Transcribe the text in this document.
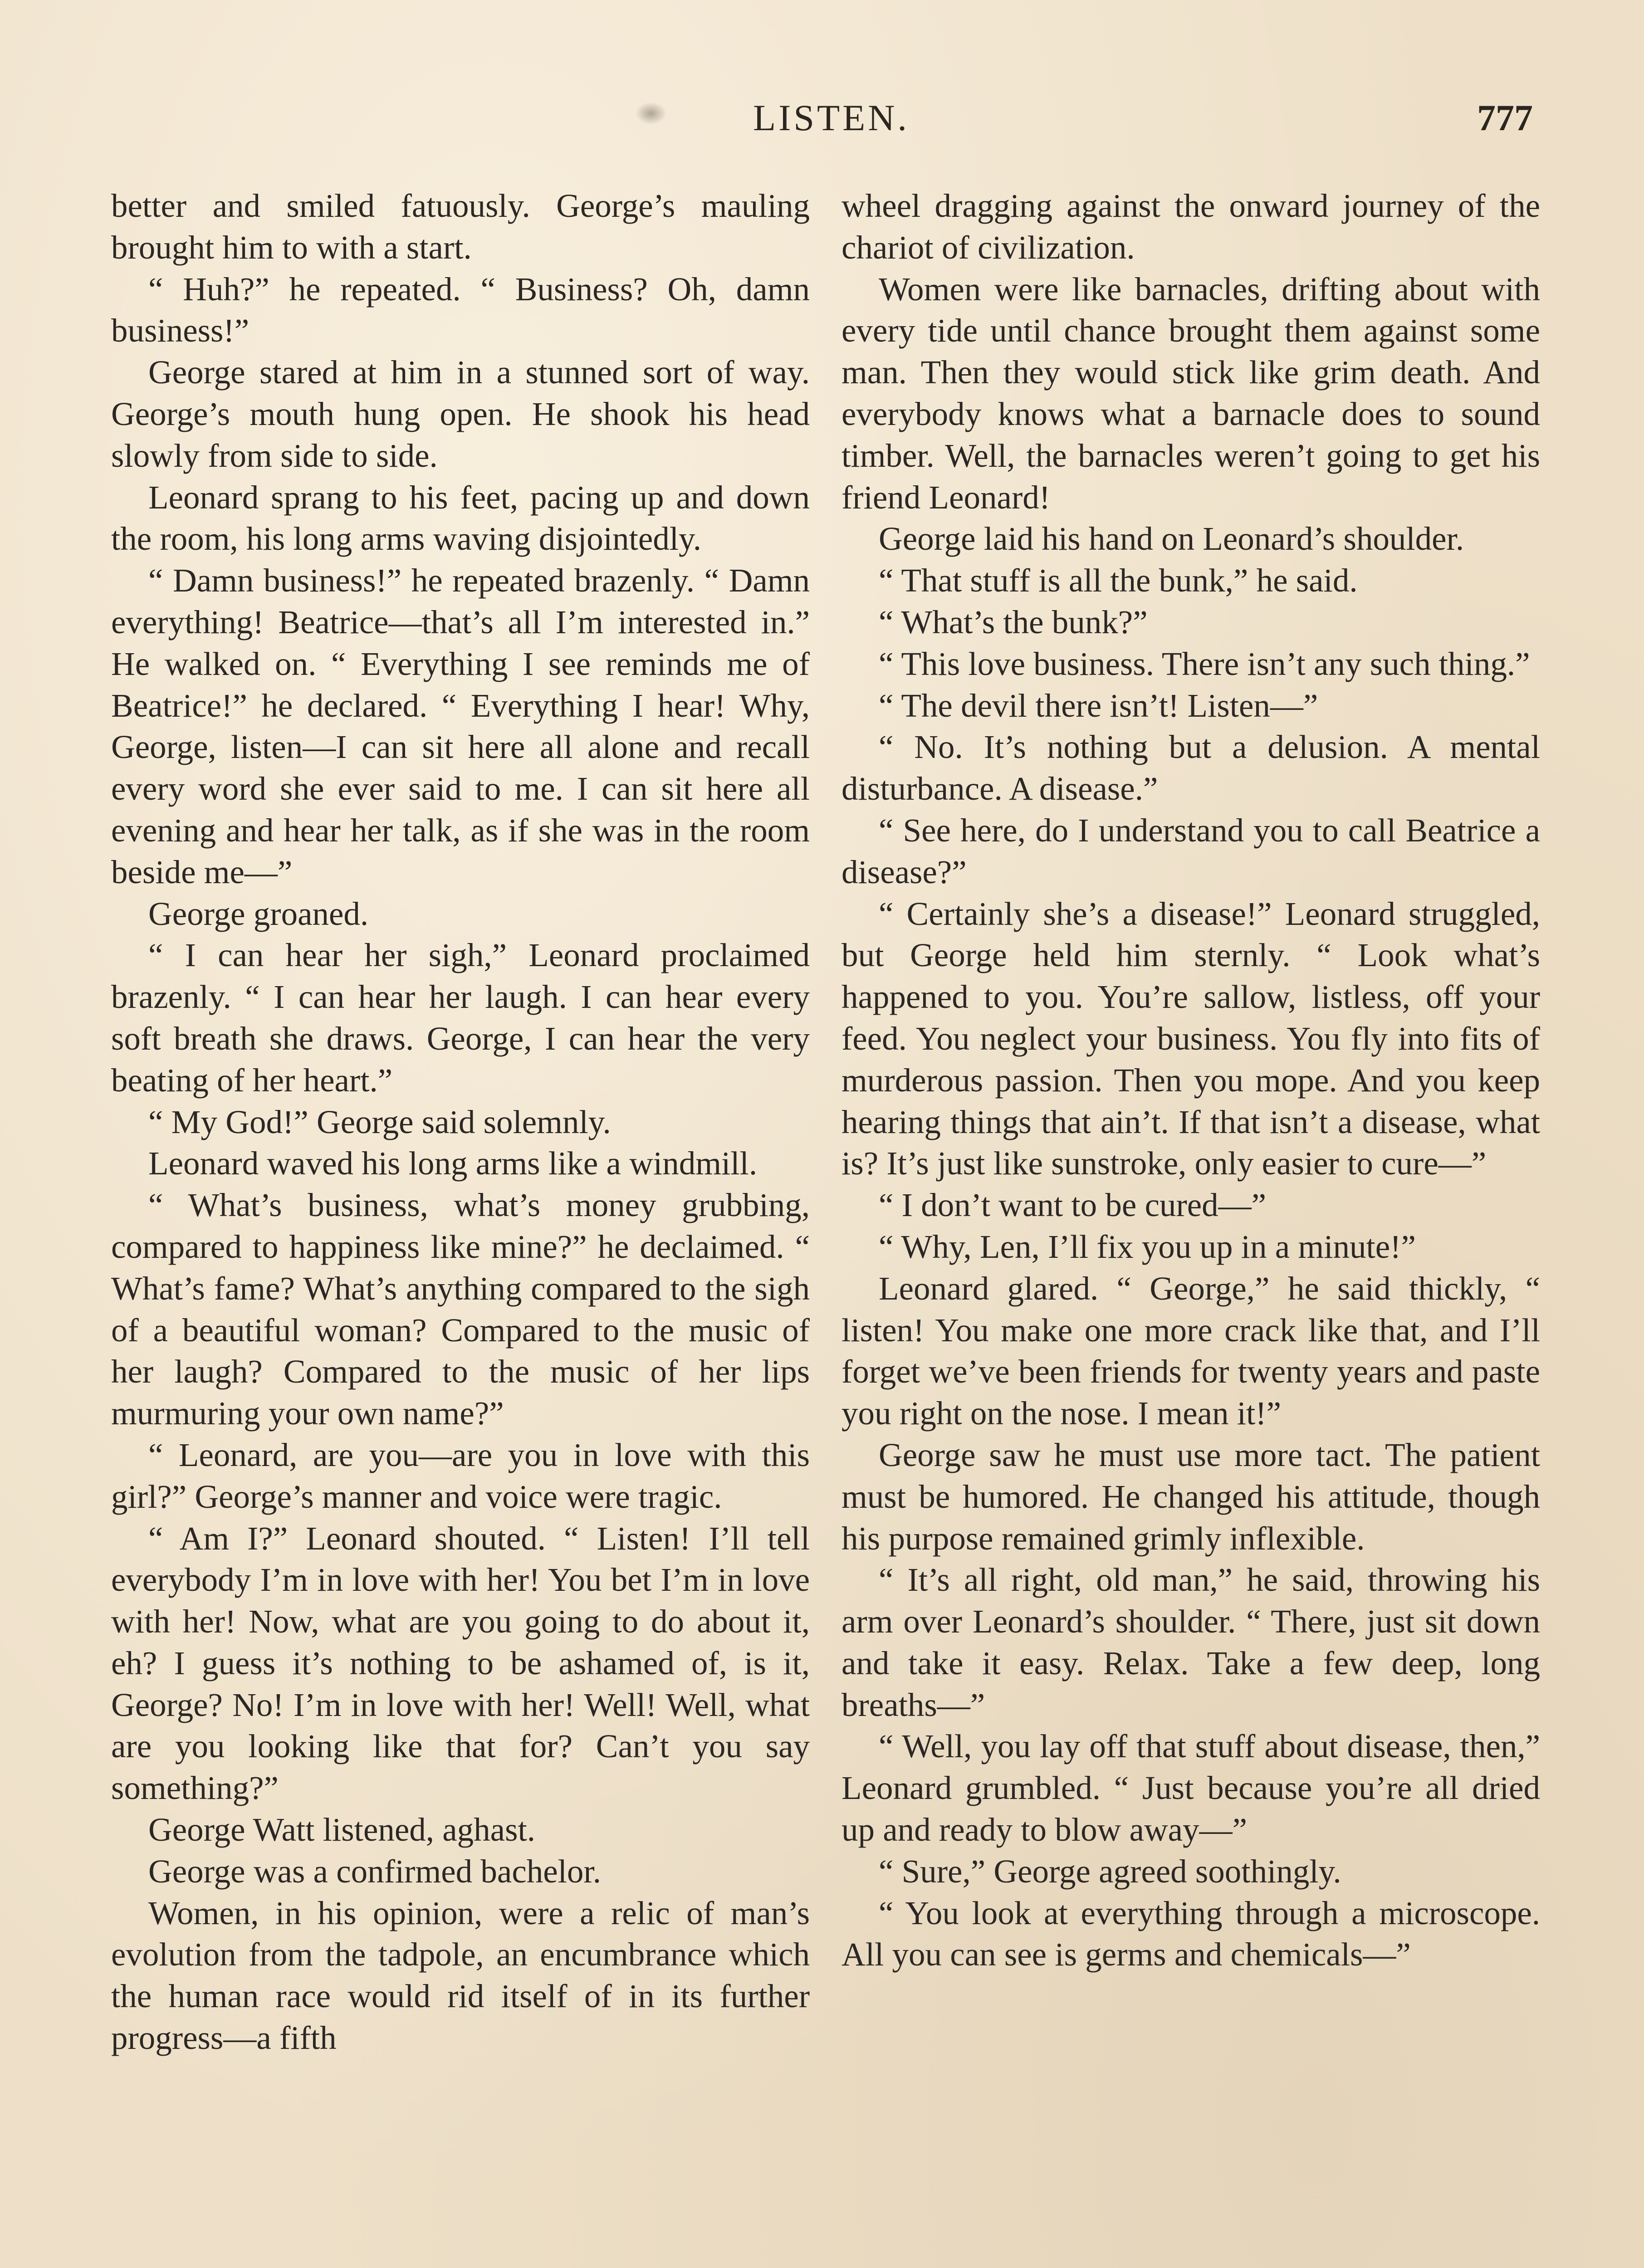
LISTEN.	777

better and smiled fatuously. George’s mauling brought him to with a start.

“ Huh?” he repeated. “ Business? Oh, damn business!”

George stared at him in a stunned sort of way. George’s mouth hung open. He shook his head slowly from side to side.

Leonard sprang to his feet, pacing up and down the room, his long arms waving disjointedly.

“ Damn business!” he repeated brazenly. “ Damn everything! Beatrice—that’s all I’m interested in.” He walked on. “ Everything I see reminds me of Beatrice!” he declared. “ Everything I hear! Why, George, listen—I can sit here all alone and recall every word she ever said to me. I can sit here all evening and hear her talk, as if she was in the room beside me—”

George groaned.

“ I can hear her sigh,” Leonard proclaimed brazenly. “ I can hear her laugh. I can hear every soft breath she draws. George, I can hear the very beating of her heart.”

“ My God!” George said solemnly.

Leonard waved his long arms like a windmill.

“ What’s business, what’s money grubbing, compared to happiness like mine?” he declaimed. “ What’s fame? What’s anything compared to the sigh of a beautiful woman? Compared to the music of her laugh? Compared to the music of her lips murmuring your own name?”

“ Leonard, are you—are you in love with this girl?” George’s manner and voice were tragic.

“ Am I?” Leonard shouted. “ Listen! I’ll tell everybody I’m in love with her! You bet I’m in love with her! Now, what are you going to do about it, eh? I guess it’s nothing to be ashamed of, is it, George? No! I’m in love with her! Well! Well, what are you looking like that for? Can’t you say something?”

George Watt listened, aghast.

George was a confirmed bachelor.

Women, in his opinion, were a relic of man’s evolution from the tadpole, an encumbrance which the human race would rid itself of in its further progress—a fifth

wheel dragging against the onward journey of the chariot of civilization.

Women were like barnacles, drifting about with every tide until chance brought them against some man. Then they would stick like grim death. And everybody knows what a barnacle does to sound timber. Well, the barnacles weren’t going to get his friend Leonard!

George laid his hand on Leonard’s shoulder.

“ That stuff is all the bunk,” he said.

“ What’s the bunk?”

“ This love business. There isn’t any such thing.”

“ The devil there isn’t! Listen—”

“ No. It’s nothing but a delusion. A mental disturbance. A disease.”

“ See here, do I understand you to call Beatrice a disease?”

“ Certainly she’s a disease!” Leonard struggled, but George held him sternly. “ Look what’s happened to you. You’re sallow, listless, off your feed. You neglect your business. You fly into fits of murderous passion. Then you mope. And you keep hearing things that ain’t. If that isn’t a disease, what is? It’s just like sunstroke, only easier to cure—”

“ I don’t want to be cured—”

“ Why, Len, I’ll fix you up in a minute!”

Leonard glared. “ George,” he said thickly, “ listen! You make one more crack like that, and I’ll forget we’ve been friends for twenty years and paste you right on the nose. I mean it!”

George saw he must use more tact. The patient must be humored. He changed his attitude, though his purpose remained grimly inflexible.

“ It’s all right, old man,” he said, throwing his arm over Leonard’s shoulder. “ There, just sit down and take it easy. Relax. Take a few deep, long breaths—”

“ Well, you lay off that stuff about disease, then,” Leonard grumbled. “ Just because you’re all dried up and ready to blow away—”

“ Sure,” George agreed soothingly.

“ You look at everything through a microscope. All you can see is germs and chemicals—”
